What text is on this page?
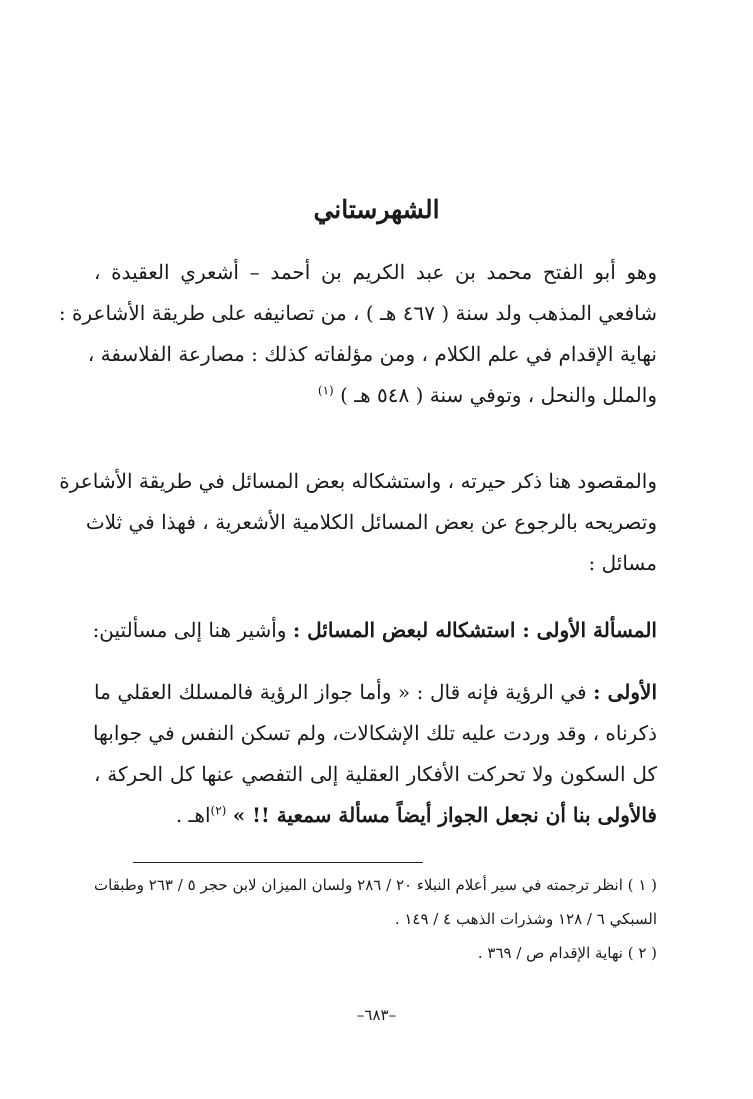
الشهرستاني
وهو أبو الفتح محمد بن عبد الكريم بن أحمد – أشعري العقيدة ،
شافعي المذهب ولد سنة ( ٤٦٧ هـ ) ، من تصانيفه على طريقة الأشاعرة :
نهاية الإقدام في علم الكلام ، ومن مؤلفاته كذلك : مصارعة الفلاسفة ،
والملل والنحل ، وتوفي سنة ( ٥٤٨ هـ ) $^{(١)}$
والمقصود هنا ذكر حيرته ، واستشكاله بعض المسائل في طريقة الأشاعرة
وتصريحه بالرجوع عن بعض المسائل الكلامية الأشعرية ، فهذا في ثلاث
مسائل :
المسألة الأولى : استشكاله لبعض المسائل : وأشير هنا إلى مسألتين:
الأولى : في الرؤية فإنه قال : « وأما جواز الرؤية فالمسلك العقلي ما
ذكرناه ، وقد وردت عليه تلك الإشكالات، ولم تسكن النفس في جوابها
كل السكون ولا تحركت الأفكار العقلية إلى التفصي عنها كل الحركة ،
فالأولى بنا أن نجعل الجواز أيضاً مسألة سمعية !! » $^{(٢)}$اهـ .
( ١ ) انظر ترجمته في سير أعلام النبلاء ٢٠ / ٢٨٦ ولسان الميزان لابن حجر ٥ / ٢٦٣ وطبقات
السبكي ٦ / ١٢٨ وشذرات الذهب ٤ / ١٤٩ .
( ٢ ) نهاية الإقدام ص / ٣٦٩ .
–٦٨٣–
